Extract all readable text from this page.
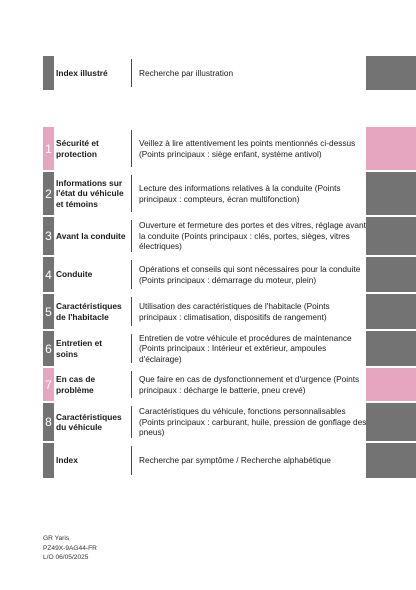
Index illustré	Recherche par illustration
1 Sécurité et
protection
Veillez à lire attentivement les points mentionnés ci-dessus (Points principaux : siège enfant, système antivol)
2
Informations sur
l'état du véhicule
et témoins
Lecture des informations relatives à la conduite (Points principaux : compteurs, écran multifonction)
3 Avant la conduite
Ouverture et fermeture des portes et des vitres, réglage avant la conduite (Points principaux : clés, portes, sièges, vitres électriques)
4 Conduite
Opérations et conseils qui sont nécessaires pour la conduite (Points principaux : démarrage du moteur, plein)
5 Caractéristiques
de l'habitacle
Utilisation des caractéristiques de l'habitacle (Points principaux : climatisation, dispositifs de rangement)
6 Entretien et
soins
Entretien de votre véhicule et procédures de maintenance (Points principaux : Intérieur et extérieur, ampoules d'éclairage)
7 En cas de
problème
Que faire en cas de dysfonctionnement et d'urgence (Points principaux : décharge le batterie, pneu crevé)
8 Caractéristiques
du véhicule
Caractéristiques du véhicule, fonctions personnalisables (Points principaux : carburant, huile, pression de gonflage des pneus)
Index	Recherche par symptôme / Recherche alphabétique
GR Yaris
PZ49X-9AG44-FR
L/O 06/05/2025
